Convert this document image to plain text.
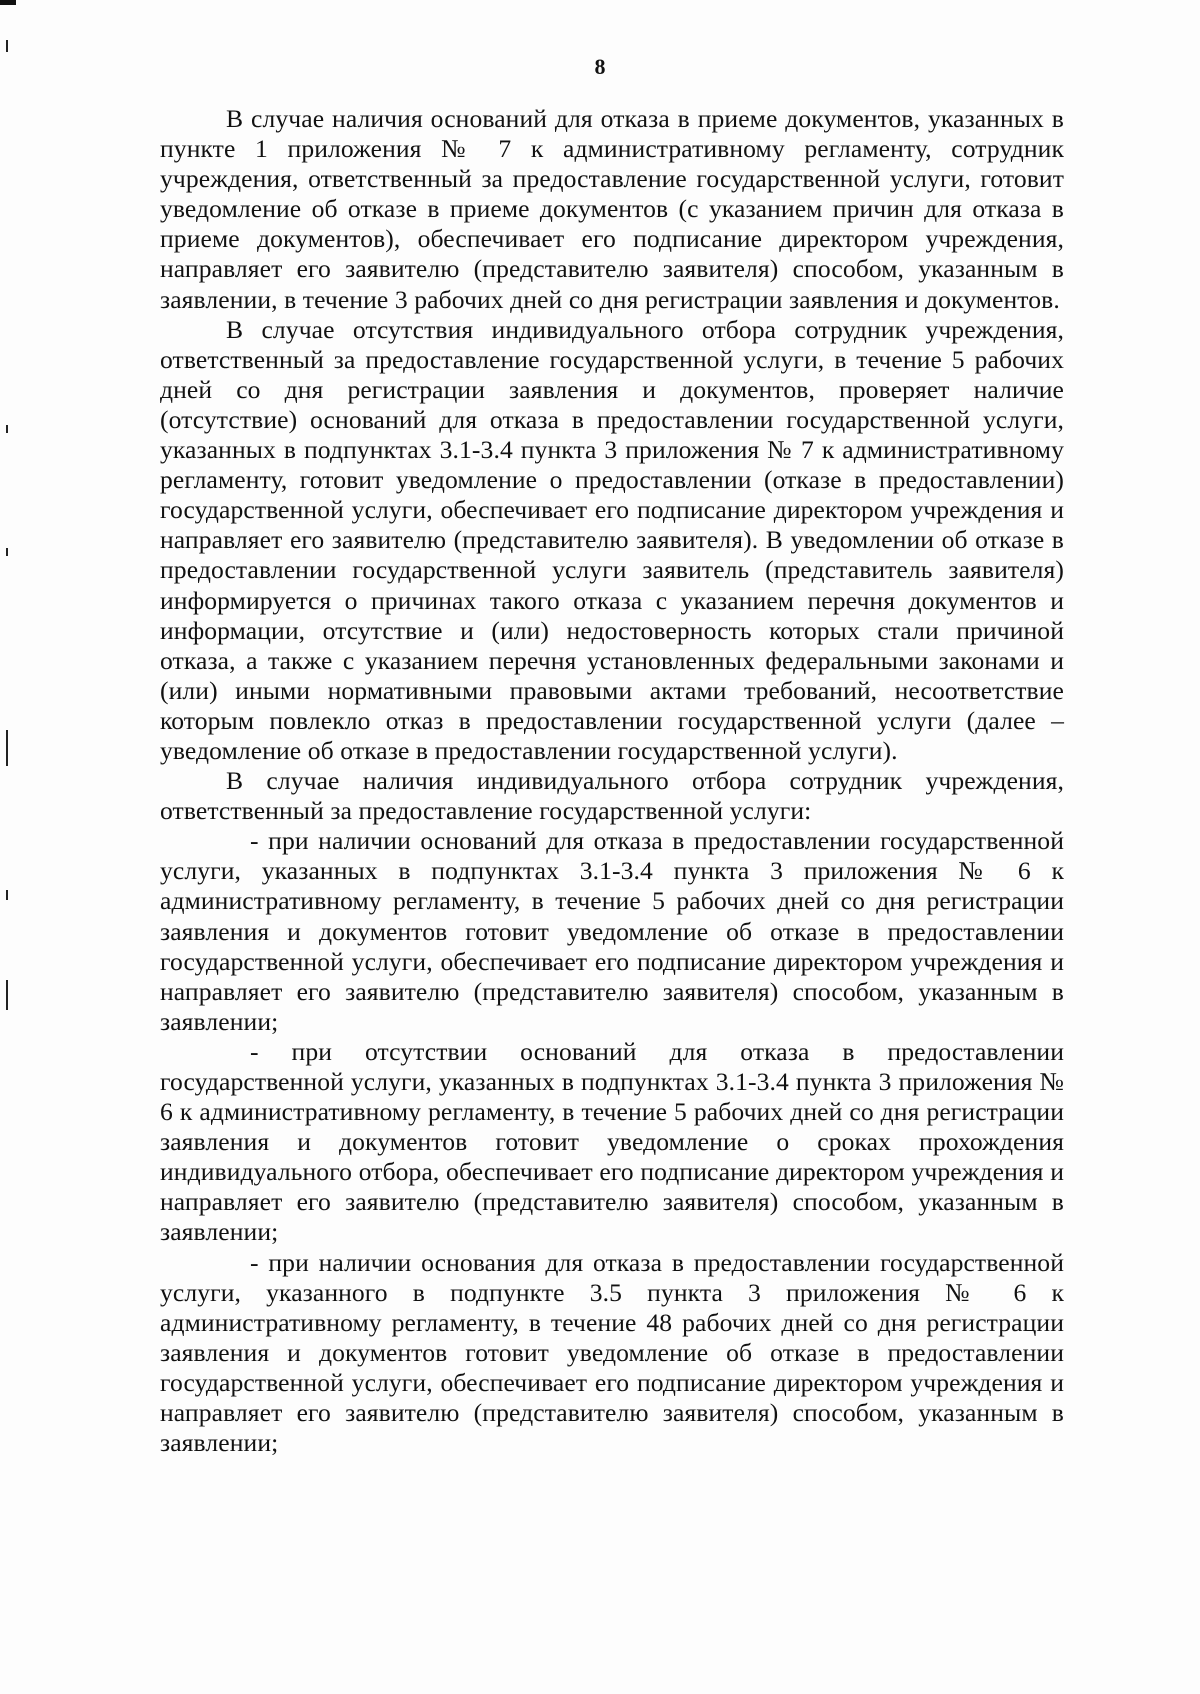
8

В случае наличия оснований для отказа в приеме документов, указанных в пункте 1 приложения № 7 к административному регламенту, сотрудник учреждения, ответственный за предоставление государственной услуги, готовит уведомление об отказе в приеме документов (с указанием причин для отказа в приеме документов), обеспечивает его подписание директором учреждения, направляет его заявителю (представителю заявителя) способом, указанным в заявлении, в течение 3 рабочих дней со дня регистрации заявления и документов.

В случае отсутствия индивидуального отбора сотрудник учреждения, ответственный за предоставление государственной услуги, в течение 5 рабочих дней со дня регистрации заявления и документов, проверяет наличие (отсутствие) оснований для отказа в предоставлении государственной услуги, указанных в подпунктах 3.1-3.4 пункта 3 приложения № 7 к административному регламенту, готовит уведомление о предоставлении (отказе в предоставлении) государственной услуги, обеспечивает его подписание директором учреждения и направляет его заявителю (представителю заявителя). В уведомлении об отказе в предоставлении государственной услуги заявитель (представитель заявителя) информируется о причинах такого отказа с указанием перечня документов и информации, отсутствие и (или) недостоверность которых стали причиной отказа, а также с указанием перечня установленных федеральными законами и (или) иными нормативными правовыми актами требований, несоответствие которым повлекло отказ в предоставлении государственной услуги (далее – уведомление об отказе в предоставлении государственной услуги).

В случае наличия индивидуального отбора сотрудник учреждения, ответственный за предоставление государственной услуги:

- при наличии оснований для отказа в предоставлении государственной услуги, указанных в подпунктах 3.1-3.4 пункта 3 приложения № 6 к административному регламенту, в течение 5 рабочих дней со дня регистрации заявления и документов готовит уведомление об отказе в предоставлении государственной услуги, обеспечивает его подписание директором учреждения и направляет его заявителю (представителю заявителя) способом, указанным в заявлении;

- при отсутствии оснований для отказа в предоставлении государственной услуги, указанных в подпунктах 3.1-3.4 пункта 3 приложения № 6 к административному регламенту, в течение 5 рабочих дней со дня регистрации заявления и документов готовит уведомление о сроках прохождения индивидуального отбора, обеспечивает его подписание директором учреждения и направляет его заявителю (представителю заявителя) способом, указанным в заявлении;

- при наличии основания для отказа в предоставлении государственной услуги, указанного в подпункте 3.5 пункта 3 приложения № 6 к административному регламенту, в течение 48 рабочих дней со дня регистрации заявления и документов готовит уведомление об отказе в предоставлении государственной услуги, обеспечивает его подписание директором учреждения и направляет его заявителю (представителю заявителя) способом, указанным в заявлении;
